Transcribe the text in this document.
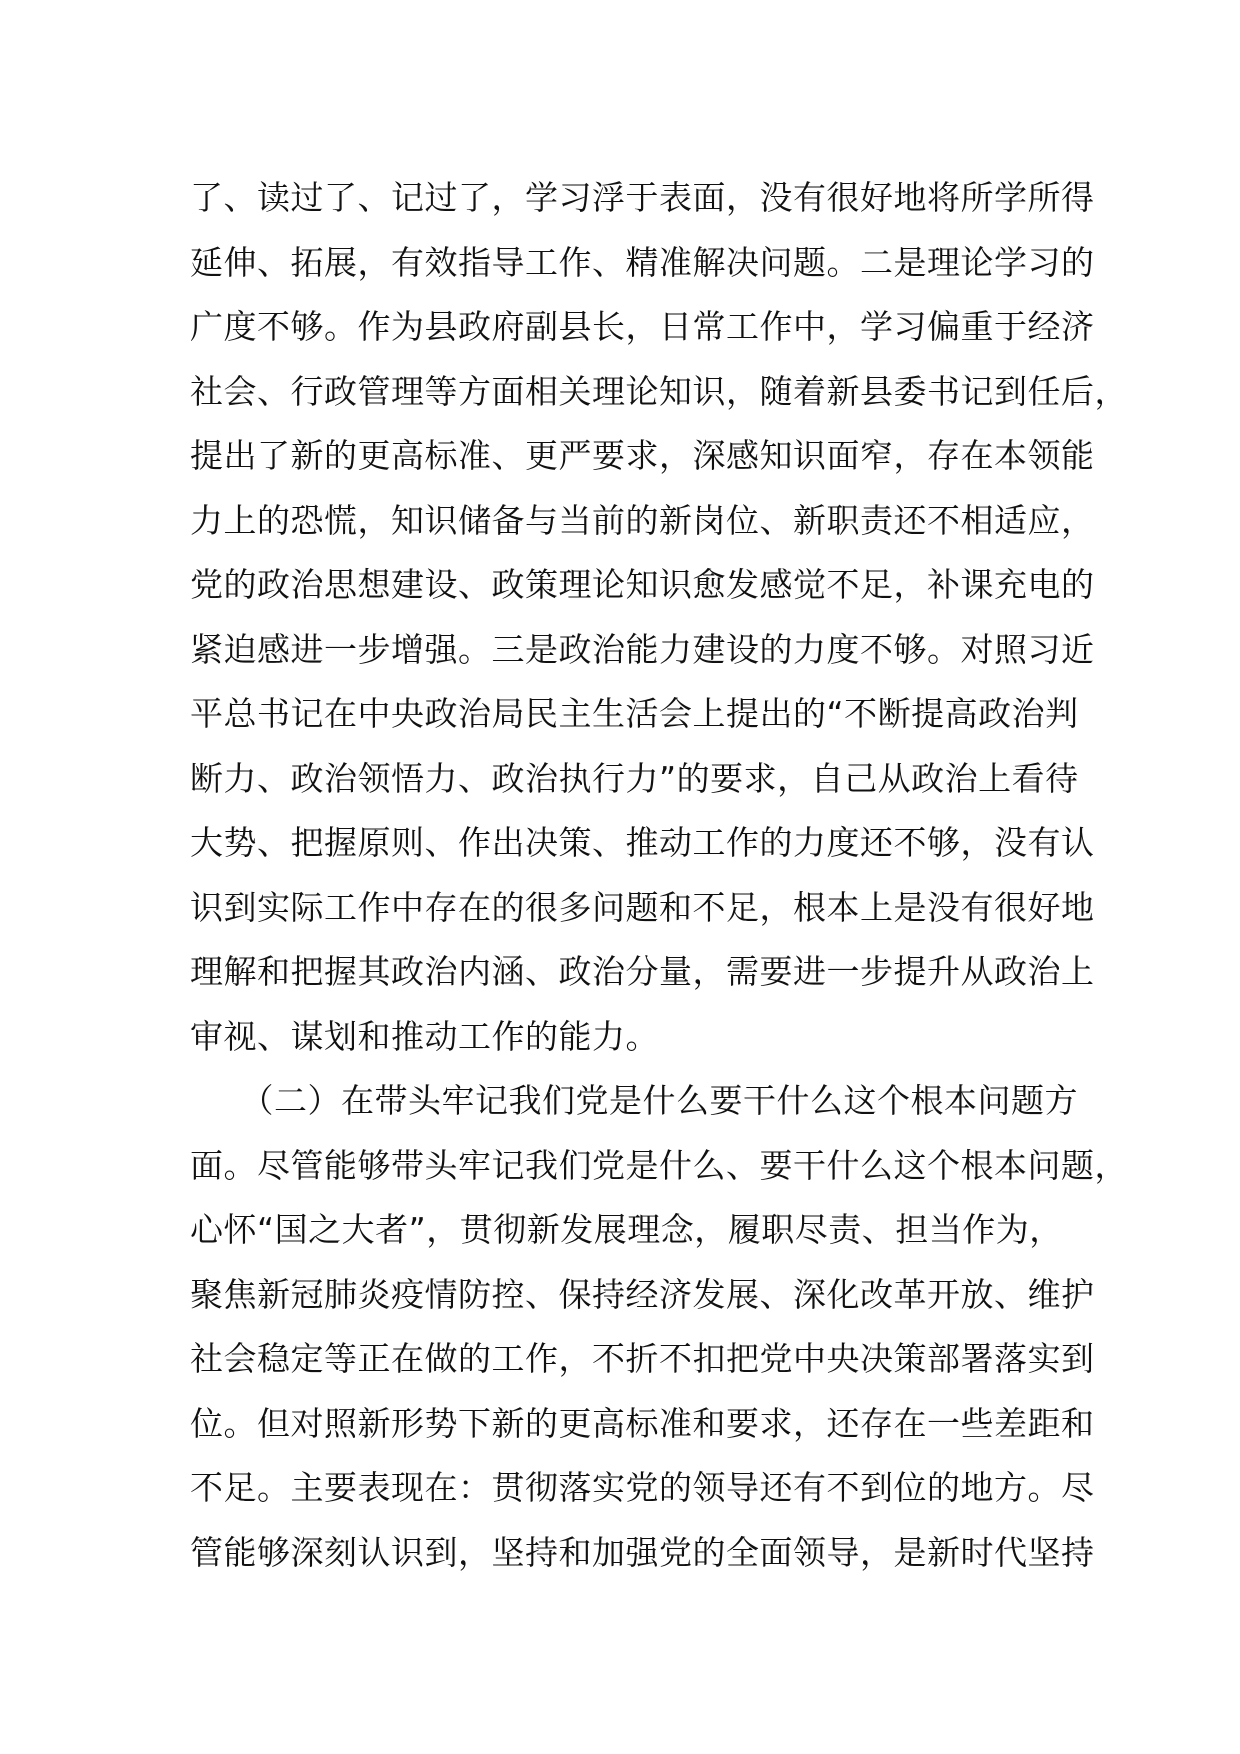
了、读过了、记过了，学习浮于表面，没有很好地将所学所得
延伸、拓展，有效指导工作、精准解决问题。二是理论学习的
广度不够。作为县政府副县长，日常工作中，学习偏重于经济
社会、行政管理等方面相关理论知识，随着新县委书记到任后，
提出了新的更高标准、更严要求，深感知识面窄，存在本领能
力上的恐慌，知识储备与当前的新岗位、新职责还不相适应，
党的政治思想建设、政策理论知识愈发感觉不足，补课充电的
紧迫感进一步增强。三是政治能力建设的力度不够。对照习近
平总书记在中央政治局民主生活会上提出的“不断提高政治判
断力、政治领悟力、政治执行力”的要求，自己从政治上看待
大势、把握原则、作出决策、推动工作的力度还不够，没有认
识到实际工作中存在的很多问题和不足，根本上是没有很好地
理解和把握其政治内涵、政治分量，需要进一步提升从政治上
审视、谋划和推动工作的能力。
　　（二）在带头牢记我们党是什么要干什么这个根本问题方
面。尽管能够带头牢记我们党是什么、要干什么这个根本问题，
心怀“国之大者”，贯彻新发展理念，履职尽责、担当作为，
聚焦新冠肺炎疫情防控、保持经济发展、深化改革开放、维护
社会稳定等正在做的工作，不折不扣把党中央决策部署落实到
位。但对照新形势下新的更高标准和要求，还存在一些差距和
不足。主要表现在：贯彻落实党的领导还有不到位的地方。尽
管能够深刻认识到，坚持和加强党的全面领导，是新时代坚持
